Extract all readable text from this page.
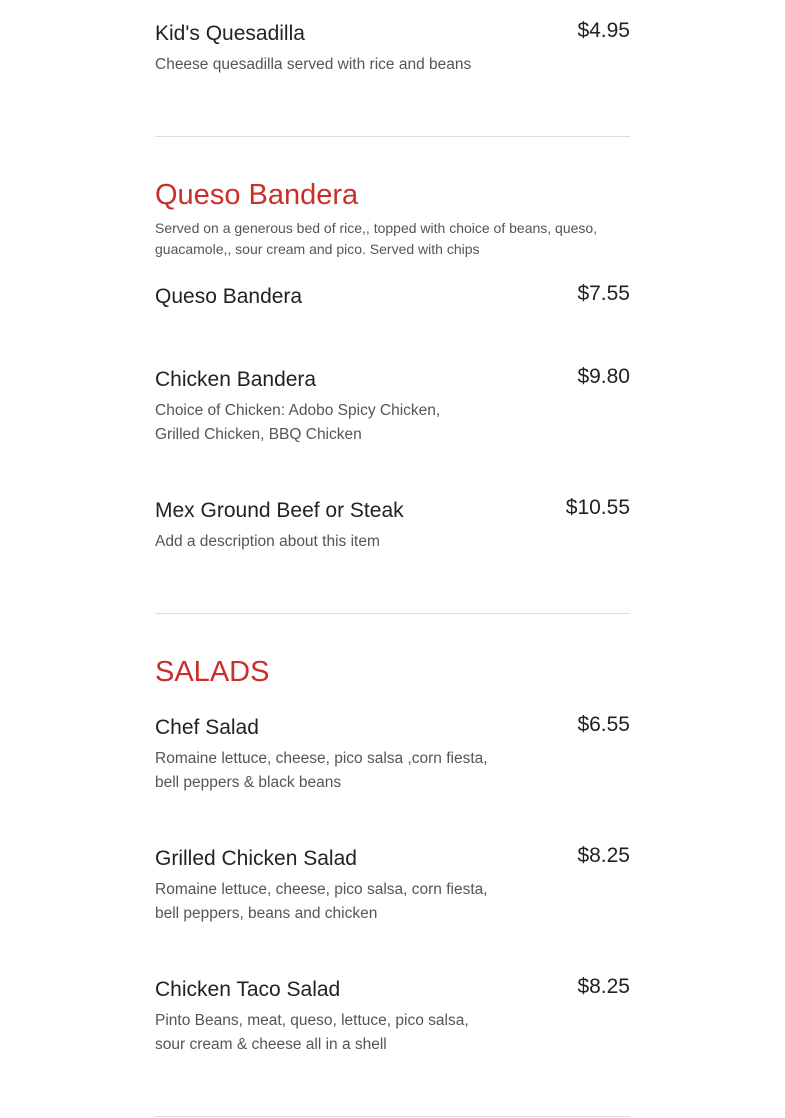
Kid's Quesadilla	$4.95
Cheese quesadilla served with rice and beans
Queso Bandera
Served on a generous bed of rice,, topped with choice of beans, queso, guacamole,, sour cream and pico. Served with chips
Queso Bandera	$7.55
Chicken Bandera	$9.80
Choice of Chicken: Adobo Spicy Chicken, Grilled Chicken, BBQ Chicken
Mex Ground Beef or Steak	$10.55
Add a description about this item
SALADS
Chef Salad	$6.55
Romaine lettuce, cheese, pico salsa ,corn fiesta, bell peppers & black beans
Grilled Chicken Salad	$8.25
Romaine lettuce, cheese, pico salsa, corn fiesta, bell peppers, beans and chicken
Chicken Taco Salad	$8.25
Pinto Beans, meat, queso, lettuce, pico salsa, sour cream & cheese all in a shell
